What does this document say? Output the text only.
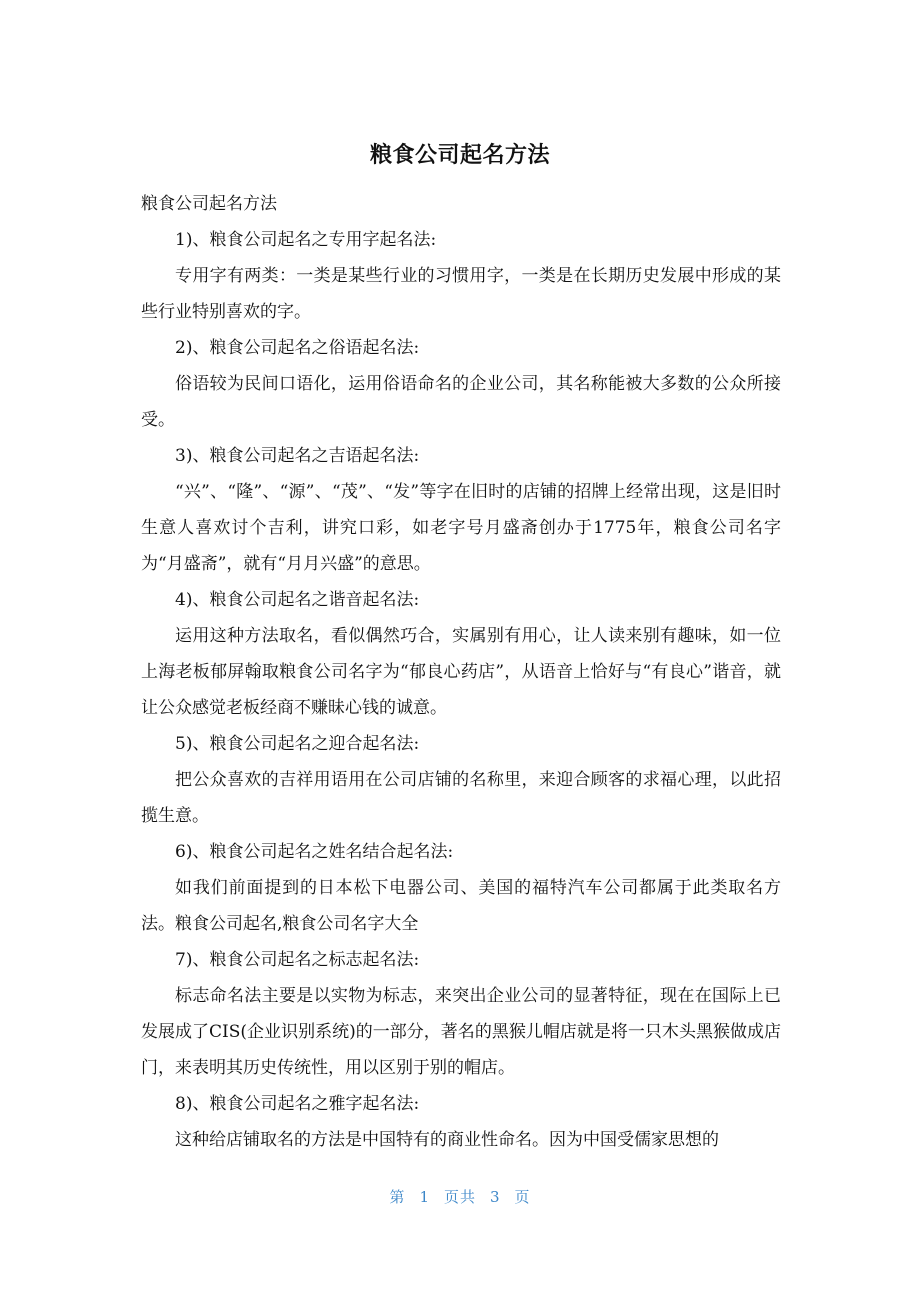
粮食公司起名方法

粮食公司起名方法

1)、粮食公司起名之专用字起名法:

专用字有两类：一类是某些行业的习惯用字，一类是在长期历史发展中形成的某些行业特别喜欢的字。

2)、粮食公司起名之俗语起名法:

俗语较为民间口语化，运用俗语命名的企业公司，其名称能被大多数的公众所接受。

3)、粮食公司起名之吉语起名法:

“兴”、“隆”、“源”、“茂”、“发”等字在旧时的店铺的招牌上经常出现，这是旧时生意人喜欢讨个吉利，讲究口彩，如老字号月盛斋创办于1775年，粮食公司名字为“月盛斋”，就有“月月兴盛”的意思。

4)、粮食公司起名之谐音起名法:

运用这种方法取名，看似偶然巧合，实属别有用心，让人读来别有趣味，如一位上海老板郁屏翰取粮食公司名字为“郁良心药店”，从语音上恰好与“有良心”谐音，就让公众感觉老板经商不赚昧心钱的诚意。

5)、粮食公司起名之迎合起名法:

把公众喜欢的吉祥用语用在公司店铺的名称里，来迎合顾客的求福心理，以此招揽生意。

6)、粮食公司起名之姓名结合起名法:

如我们前面提到的日本松下电器公司、美国的福特汽车公司都属于此类取名方法。粮食公司起名,粮食公司名字大全

7)、粮食公司起名之标志起名法:

标志命名法主要是以实物为标志，来突出企业公司的显著特征，现在在国际上已发展成了CIS(企业识别系统)的一部分，著名的黑猴儿帽店就是将一只木头黑猴做成店门，来表明其历史传统性，用以区别于别的帽店。

8)、粮食公司起名之雅字起名法:

这种给店铺取名的方法是中国特有的商业性命名。因为中国受儒家思想的

第 1 页共 3 页
